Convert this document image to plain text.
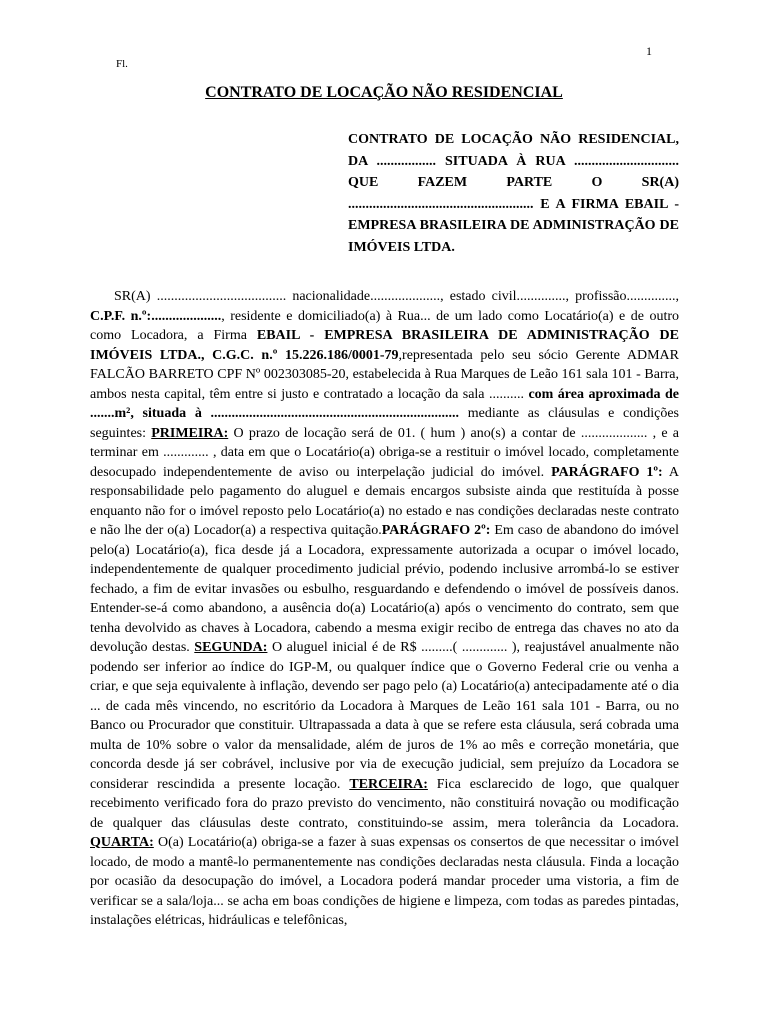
1
Fl.
CONTRATO DE LOCAÇÃO NÃO RESIDENCIAL
CONTRATO DE LOCAÇÃO NÃO RESIDENCIAL, DA ................. SITUADA À RUA .............................. QUE FAZEM PARTE O SR(A) ..................................................... E A FIRMA EBAIL - EMPRESA BRASILEIRA DE ADMINISTRAÇÃO DE IMÓVEIS LTDA.

SR(A) ..................................... nacionalidade...................., estado civil.............., profissão.............., C.P.F. n.º:...................., residente e domiciliado(a) à Rua... de um lado como Locatário(a) e de outro como Locadora, a Firma EBAIL - EMPRESA BRASILEIRA DE ADMINISTRAÇÃO DE IMÓVEIS LTDA., C.G.C. n.º 15.226.186/0001-79,representada pelo seu sócio Gerente ADMAR FALCÃO BARRETO CPF Nº 002303085-20, estabelecida à Rua Marques de Leão 161 sala 101 - Barra, ambos nesta capital, têm entre si justo e contratado a locação da sala .......... com área aproximada de .......m², situada à ....................................................................... mediante as cláusulas e condições seguintes: PRIMEIRA: O prazo de locação será de 01. ( hum ) ano(s) a contar de ................... , e a terminar em ............. , data em que o Locatário(a) obriga-se a restituir o imóvel locado, completamente desocupado independentemente de aviso ou interpelação judicial do imóvel. PARÁGRAFO 1º: A responsabilidade pelo pagamento do aluguel e demais encargos subsiste ainda que restituída à posse enquanto não for o imóvel reposto pelo Locatário(a) no estado e nas condições declaradas neste contrato e não lhe der o(a) Locador(a) a respectiva quitação.PARÁGRAFO 2º: Em caso de abandono do imóvel pelo(a) Locatário(a), fica desde já a Locadora, expressamente autorizada a ocupar o imóvel locado, independentemente de qualquer procedimento judicial prévio, podendo inclusive arrombá-lo se estiver fechado, a fim de evitar invasões ou esbulho, resguardando e defendendo o imóvel de possíveis danos. Entender-se-á como abandono, a ausência do(a) Locatário(a) após o vencimento do contrato, sem que tenha devolvido as chaves à Locadora, cabendo a mesma exigir recibo de entrega das chaves no ato da devolução destas. SEGUNDA: O aluguel inicial é de R$ .........( ............. ), reajustável anualmente não podendo ser inferior ao índice do IGP-M, ou qualquer índice que o Governo Federal crie ou venha a criar, e que seja equivalente à inflação, devendo ser pago pelo (a) Locatário(a) antecipadamente até o dia ... de cada mês vincendo, no escritório da Locadora à Marques de Leão 161 sala 101 - Barra, ou no Banco ou Procurador que constituir. Ultrapassada a data à que se refere esta cláusula, será cobrada uma multa de 10% sobre o valor da mensalidade, além de juros de 1% ao mês e correção monetária, que concorda desde já ser cobrável, inclusive por via de execução judicial, sem prejuízo da Locadora se considerar rescindida a presente locação. TERCEIRA: Fica esclarecido de logo, que qualquer recebimento verificado fora do prazo previsto do vencimento, não constituirá novação ou modificação de qualquer das cláusulas deste contrato, constituindo-se assim, mera tolerância da Locadora. QUARTA: O(a) Locatário(a) obriga-se a fazer à suas expensas os consertos de que necessitar o imóvel locado, de modo a mantê-lo permanentemente nas condições declaradas nesta cláusula. Finda a locação por ocasião da desocupação do imóvel, a Locadora poderá mandar proceder uma vistoria, a fim de verificar se a sala/loja... se acha em boas condições de higiene e limpeza, com todas as paredes pintadas, instalações elétricas, hidráulicas e telefônicas,
